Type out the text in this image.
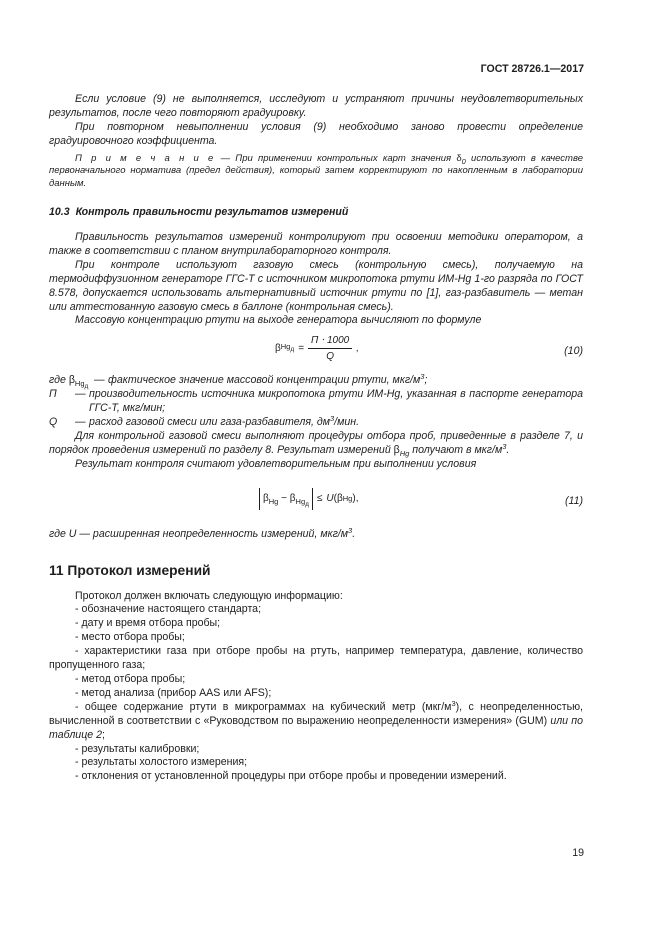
ГОСТ 28726.1—2017

Если условие (9) не выполняется, исследуют и устраняют причины неудовлетворительных результатов, после чего повторяют градуировку.

При повторном невыполнении условия (9) необходимо заново провести определение градуировочного коэффициента.

П р и м е ч а н и е — При применении контрольных карт значения $\delta_0$ используют в качестве первоначального норматива (предел действия), который затем корректируют по накопленным в лаборатории данным.

10.3 Контроль правильности результатов измерений

Правильность результатов измерений контролируют при освоении методики оператором, а также в соответствии с планом внутрилабораторного контроля.

При контроле используют газовую смесь (контрольную смесь), получаемую на термодиффузионном генераторе ГГС-Т с источником микропотока ртути ИМ-Hg 1-го разряда по ГОСТ 8.578, допускается использовать альтернативный источник ртути по [1], газ-разбавитель — метан или аттестованную газовую смесь в баллоне (контрольная смесь).

Массовую концентрацию ртути на выходе генератора вычисляют по формуле

β $Hg_д = \frac{П \cdot 1000}{Q}$ ,	(10)
где $\beta_{Hg_д}$
— фактическое значение массовой концентрации ртути, мкг/$м^3$;
П	— производительность источника микропотока ртути ИМ-Hg, указанная в паспорте генератора ГГС-Т, мкг/мин;
Q	— расход газовой смеси или газа-разбавителя, $дм^3$/мин.

Для контрольной газовой смеси выполняют процедуры отбора проб, приведенные в разделе 7, и порядок проведения измерений по разделу 8. Результат измерений $\beta_{Hg}$ получают в мкг/$м^3$.

Результат контроля считают удовлетворительным при выполнении условия

$\beta_{Hg} - \beta_{Hg_д}$
≤ U ( β Hg ),	(11)

где U — расширенная неопределенность измерений, мкг/$м^3$.

11 Протокол измерений

Протокол должен включать следующую информацию:

- обозначение настоящего стандарта;

- дату и время отбора пробы;

- место отбора пробы;

- характеристики газа при отборе пробы на ртуть, например температура, давление, количество пропущенного газа;

- метод отбора пробы;

- метод анализа (прибор AAS или AFS);

- общее содержание ртути в микрограммах на кубический метр $(мкг/м^3)$, с неопределенностью, вычисленной в соответствии с «Руководством по выражению неопределенности измерения» (GUM) или по таблице 2;

- результаты калибровки;

- результаты холостого измерения;

- отклонения от установленной процедуры при отборе пробы и проведении измерений.

19
